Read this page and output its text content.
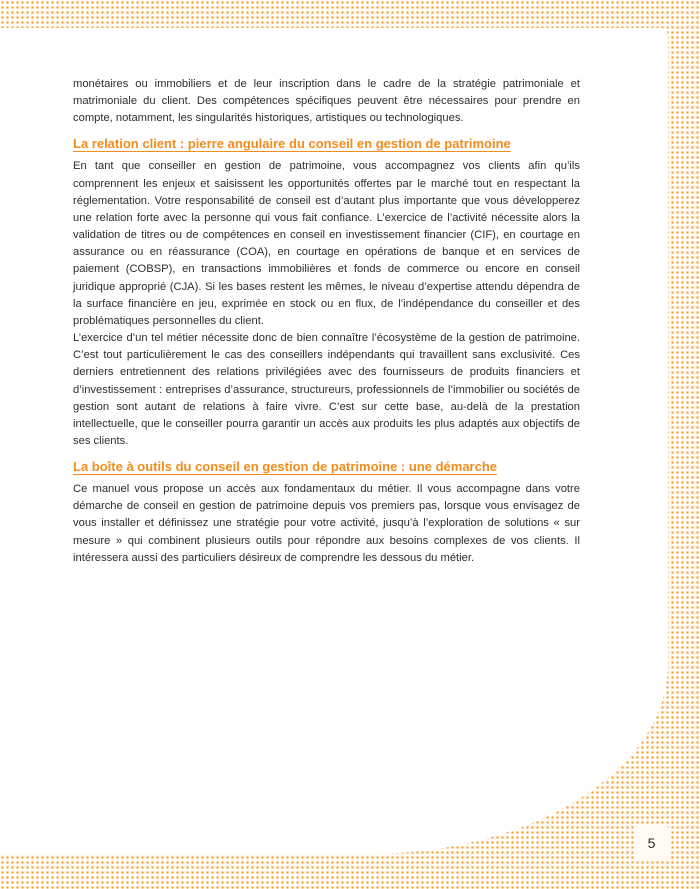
monétaires ou immobiliers et de leur inscription dans le cadre de la stratégie patrimoniale et matrimoniale du client. Des compétences spécifiques peuvent être nécessaires pour prendre en compte, notamment, les singularités historiques, artistiques ou technologiques.

La relation client : pierre angulaire du conseil en gestion de patrimoine

En tant que conseiller en gestion de patrimoine, vous accompagnez vos clients afin qu’ils comprennent les enjeux et saisissent les opportunités offertes par le marché tout en respectant la réglementation. Votre responsabilité de conseil est d’autant plus importante que vous développerez une relation forte avec la personne qui vous fait confiance. L’exercice de l’activité nécessite alors la validation de titres ou de compétences en conseil en investissement financier (CIF), en courtage en assurance ou en réassurance (COA), en courtage en opérations de banque et en services de paiement (COBSP), en transactions immobilières et fonds de commerce ou encore en conseil juridique approprié (CJA). Si les bases restent les mêmes, le niveau d’expertise attendu dépendra de la surface financière en jeu, exprimée en stock ou en flux, de l’indépendance du conseiller et des problématiques personnelles du client.

L’exercice d’un tel métier nécessite donc de bien connaître l’écosystème de la gestion de patrimoine. C’est tout particulièrement le cas des conseillers indépendants qui travaillent sans exclusivité. Ces derniers entretiennent des relations privilégiées avec des fournisseurs de produits financiers et d’investissement : entreprises d’assurance, structureurs, professionnels de l’immobilier ou sociétés de gestion sont autant de relations à faire vivre. C’est sur cette base, au-delà de la prestation intellectuelle, que le conseiller pourra garantir un accès aux produits les plus adaptés aux objectifs de ses clients.

La boîte à outils du conseil en gestion de patrimoine : une démarche

Ce manuel vous propose un accès aux fondamentaux du métier. Il vous accompagne dans votre démarche de conseil en gestion de patrimoine depuis vos premiers pas, lorsque vous envisagez de vous installer et définissez une stratégie pour votre activité, jusqu’à l’exploration de solutions « sur mesure » qui combinent plusieurs outils pour répondre aux besoins complexes de vos clients. Il intéressera aussi des particuliers désireux de comprendre les dessous du métier.

5
